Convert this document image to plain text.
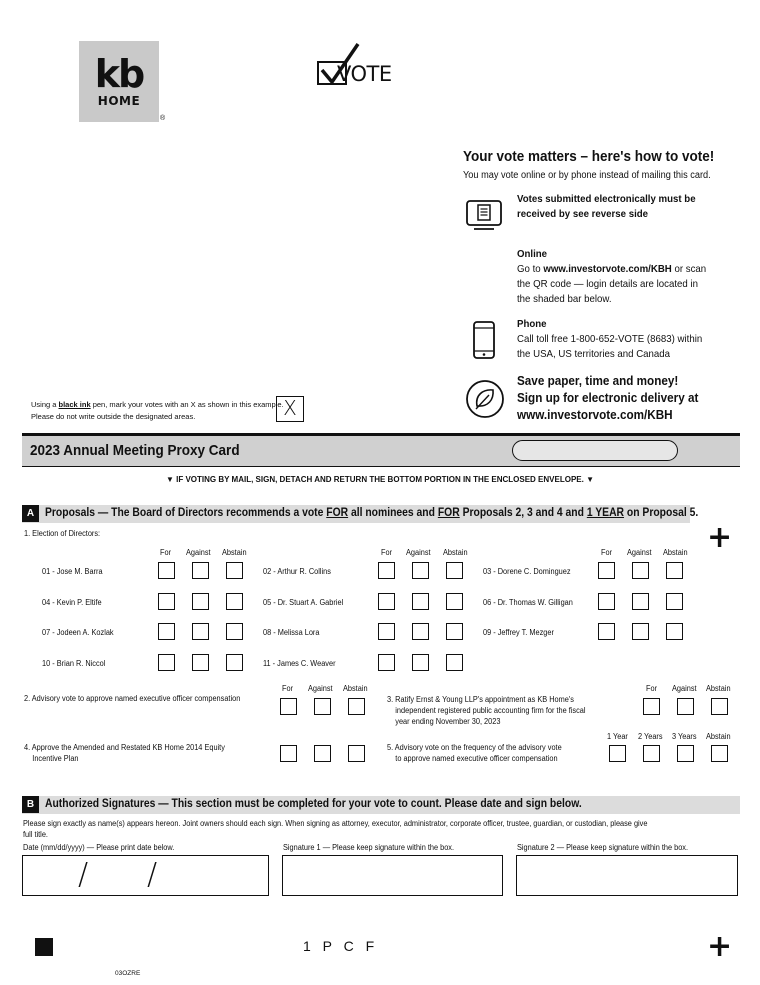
kb
HOME
®
VOTE
Your vote matters – here's how to vote!
You may vote online or by phone instead of mailing this card.
Votes submitted electronically must be
received by see reverse side
Online
Go to www.investorvote.com/KBH or scan
the QR code — login details are located in
the shaded bar below.
Phone
Call toll free 1-800-652-VOTE (8683) within
the USA, US territories and Canada
Save paper, time and money!
Sign up for electronic delivery at
www.investorvote.com/KBH
Using a black ink pen, mark your votes with an X as shown in this example.
Please do not write outside the designated areas.	X
2023 Annual Meeting Proxy Card
▼ IF VOTING BY MAIL, SIGN, DETACH AND RETURN THE BOTTOM PORTION IN THE ENCLOSED ENVELOPE. ▼
A Proposals — The Board of Directors recommends a vote FOR all nominees and FOR Proposals 2, 3 and 4 and 1 YEAR on Proposal 5.
+
1. Election of Directors:
For Against Abstain	For Against Abstain	For Against Abstain
01 - Jose M. Barra	02 - Arthur R. Collins	03 - Dorene C. Dominguez
04 - Kevin P. Eltife	05 - Dr. Stuart A. Gabriel	06 - Dr. Thomas W. Gilligan
07 - Jodeen A. Kozlak	08 - Melissa Lora	09 - Jeffrey T. Mezger
10 - Brian R. Niccol	11 - James C. Weaver
2. Advisory vote to approve named executive officer compensation
For Against Abstain
3. Ratify Ernst & Young LLP's appointment as KB Home's
independent registered public accounting firm for the fiscal
year ending November 30, 2023
For Against Abstain
4. Approve the Amended and Restated KB Home 2014 Equity
Incentive Plan
5. Advisory vote on the frequency of the advisory vote
to approve named executive officer compensation
1 Year 2 Years 3 Years Abstain
B Authorized Signatures — This section must be completed for your vote to count. Please date and sign below.
Please sign exactly as name(s) appears hereon. Joint owners should each sign. When signing as attorney, executor, administrator, corporate officer, trustee, guardian, or custodian, please give
full title.
Date (mm/dd/yyyy) — Please print date below.	Signature 1 — Please keep signature within the box.	Signature 2 — Please keep signature within the box.
/ /
1 P C F	+
03OZRE
